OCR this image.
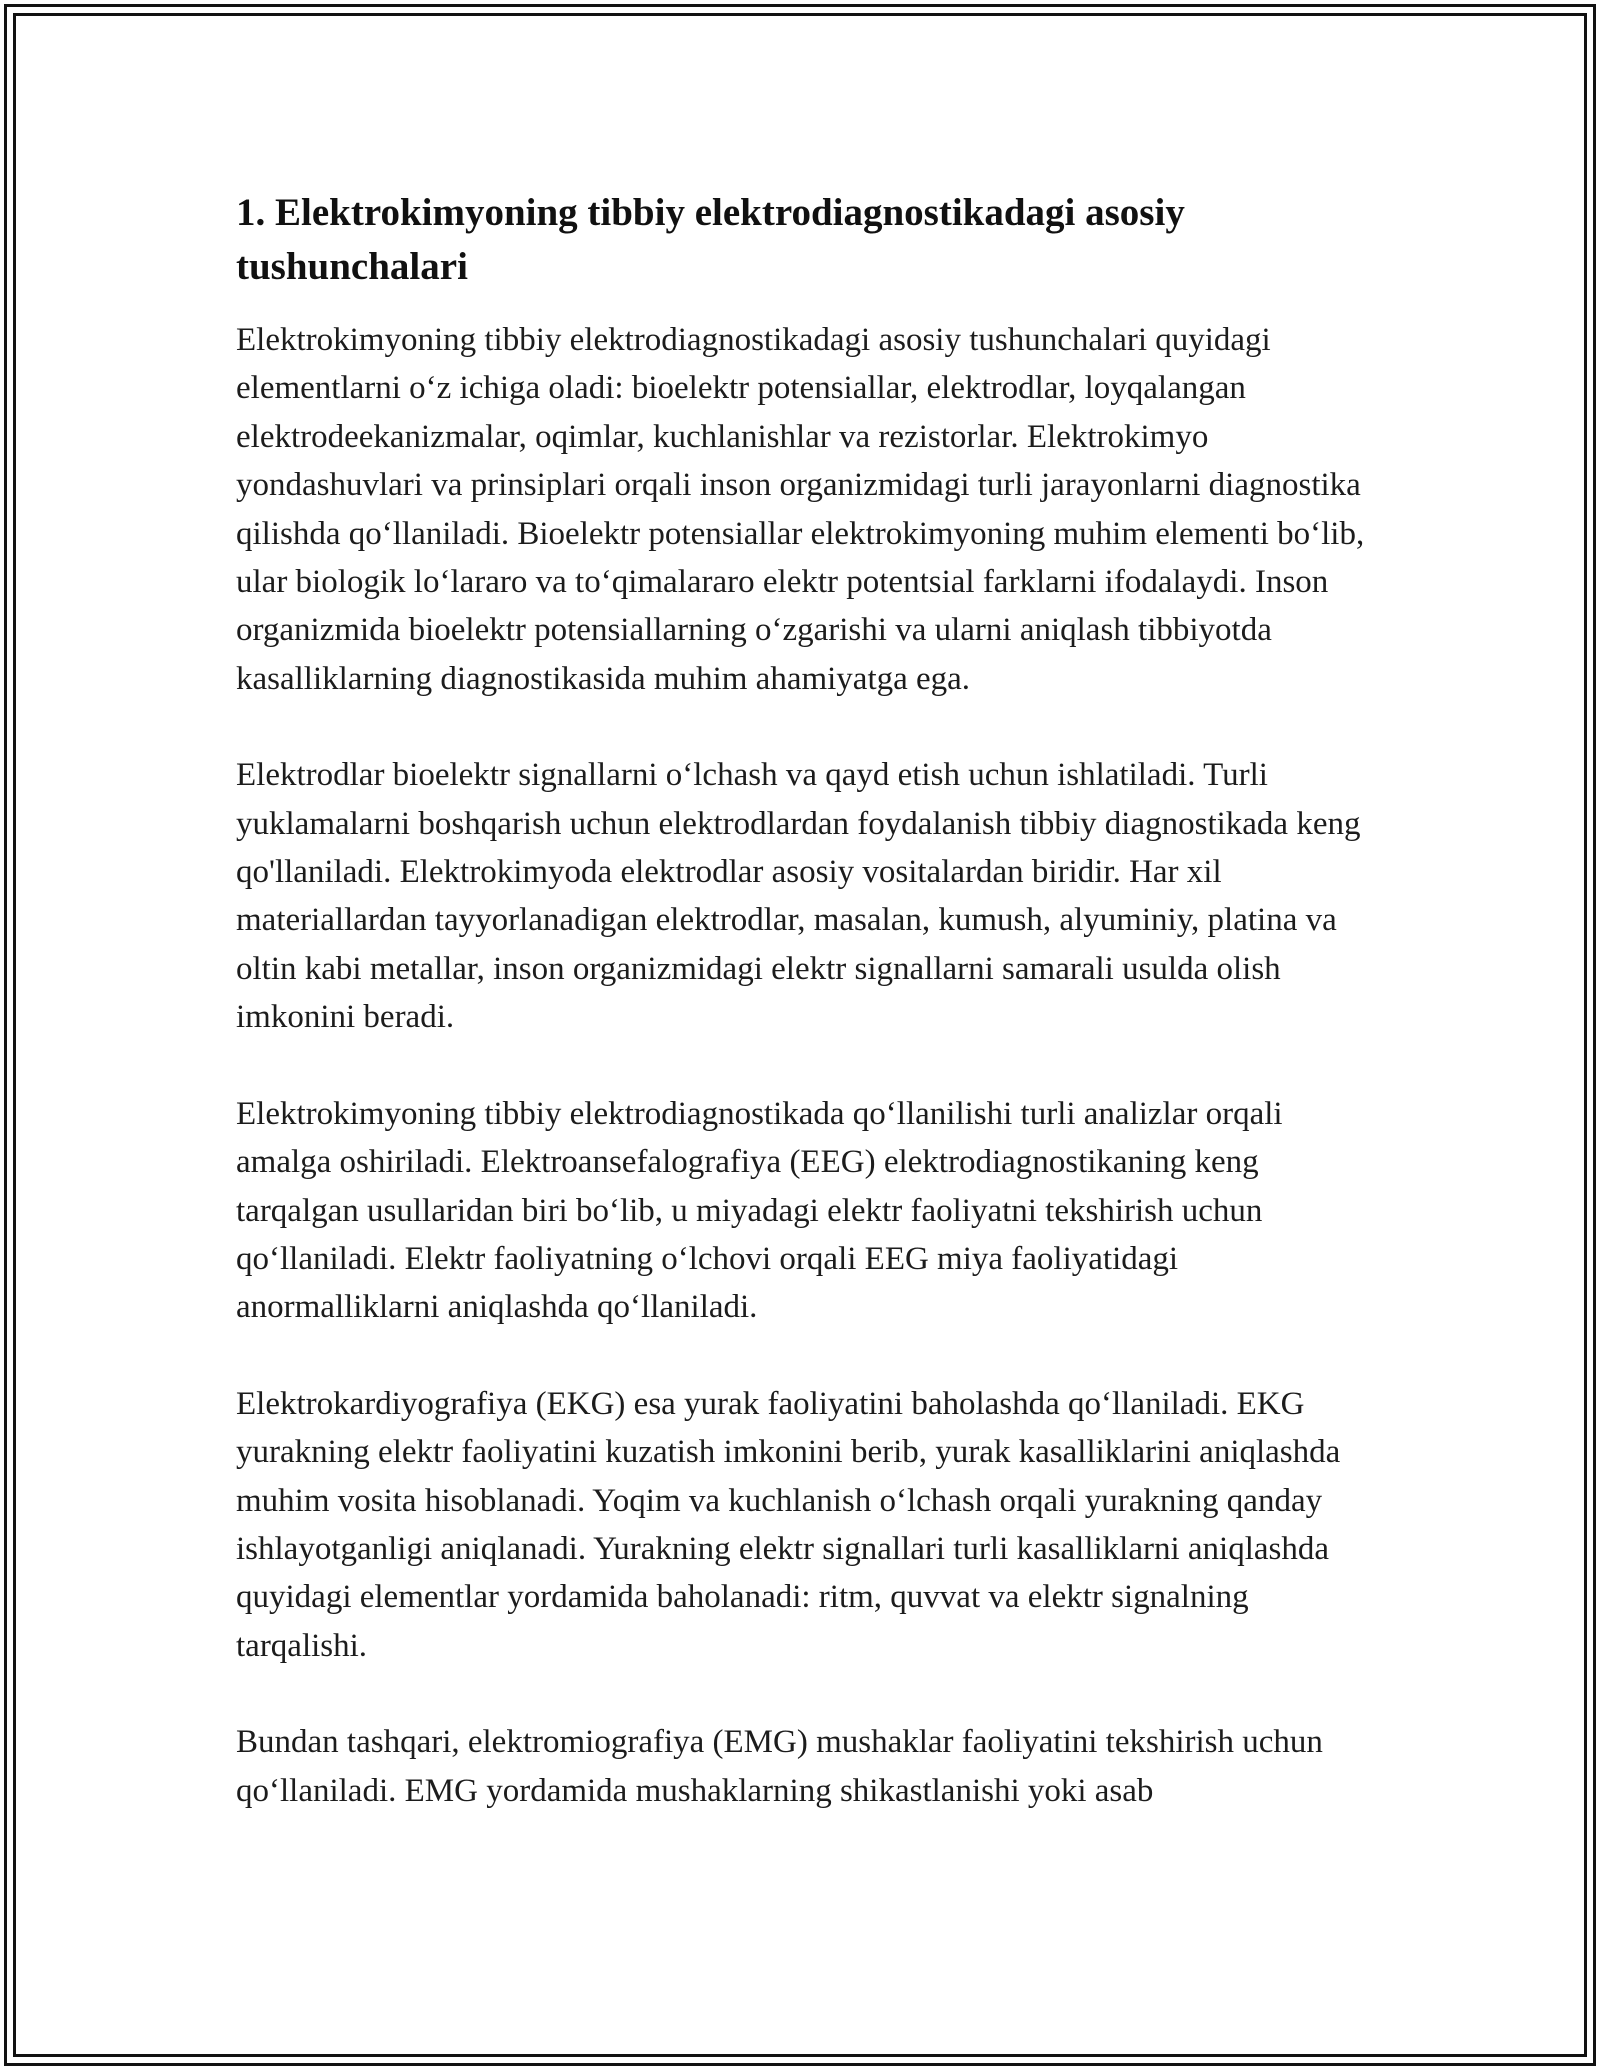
1. Elektrokimyoning tibbiy elektrodiagnostikadagi asosiy tushunchalari

Elektrokimyoning tibbiy elektrodiagnostikadagi asosiy tushunchalari quyidagi elementlarni o‘z ichiga oladi: bioelektr potensiallar, elektrodlar, loyqalangan elektrodeekanizmalar, oqimlar, kuchlanishlar va rezistorlar. Elektrokimyo yondashuvlari va prinsiplari orqali inson organizmidagi turli jarayonlarni diagnostika qilishda qo‘llaniladi. Bioelektr potensiallar elektrokimyoning muhim elementi bo‘lib, ular biologik lo‘lararo va to‘qimalararo elektr potentsial farklarni ifodalaydi. Inson organizmida bioelektr potensiallarning o‘zgarishi va ularni aniqlash tibbiyotda kasalliklarning diagnostikasida muhim ahamiyatga ega.

Elektrodlar bioelektr signallarni o‘lchash va qayd etish uchun ishlatiladi. Turli yuklamalarni boshqarish uchun elektrodlardan foydalanish tibbiy diagnostikada keng qo'llaniladi. Elektrokimyoda elektrodlar asosiy vositalardan biridir. Har xil materiallardan tayyorlanadigan elektrodlar, masalan, kumush, alyuminiy, platina va oltin kabi metallar, inson organizmidagi elektr signallarni samarali usulda olish imkonini beradi.

Elektrokimyoning tibbiy elektrodiagnostikada qo‘llanilishi turli analizlar orqali amalga oshiriladi. Elektroansefalografiya (EEG) elektrodiagnostikaning keng tarqalgan usullaridan biri bo‘lib, u miyadagi elektr faoliyatni tekshirish uchun qo‘llaniladi. Elektr faoliyatning o‘lchovi orqali EEG miya faoliyatidagi anormalliklarni aniqlashda qo‘llaniladi.

Elektrokardiyografiya (EKG) esa yurak faoliyatini baholashda qo‘llaniladi. EKG yurakning elektr faoliyatini kuzatish imkonini berib, yurak kasalliklarini aniqlashda muhim vosita hisoblanadi. Yoqim va kuchlanish o‘lchash orqali yurakning qanday ishlayotganligi aniqlanadi. Yurakning elektr signallari turli kasalliklarni aniqlashda quyidagi elementlar yordamida baholanadi: ritm, quvvat va elektr signalning tarqalishi.

Bundan tashqari, elektromiografiya (EMG) mushaklar faoliyatini tekshirish uchun qo‘llaniladi. EMG yordamida mushaklarning shikastlanishi yoki asab
